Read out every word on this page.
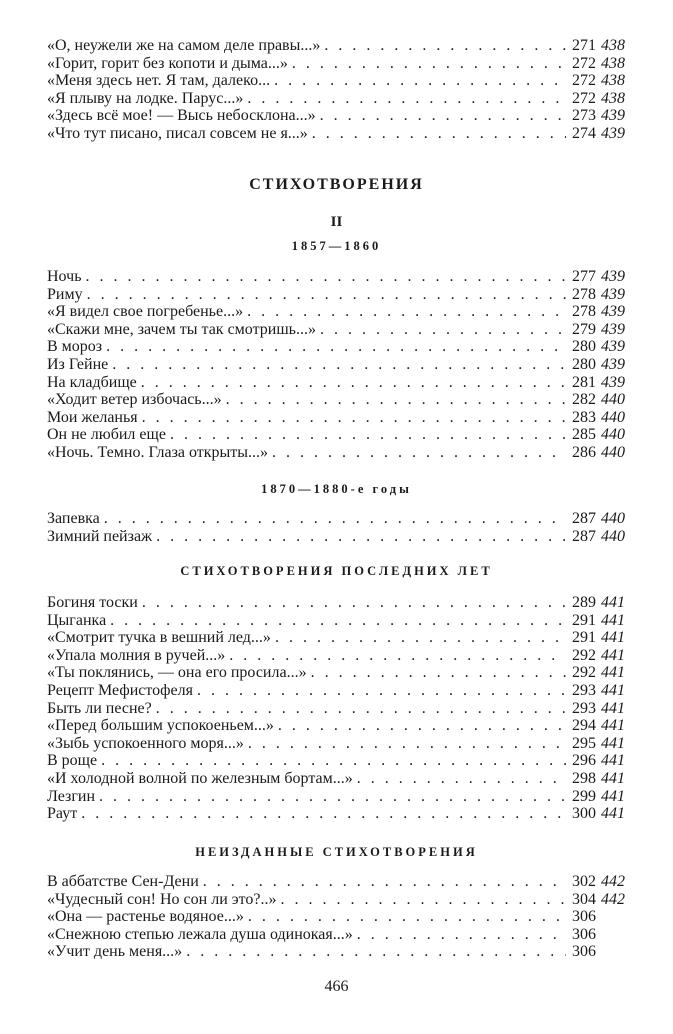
«О, неужели же на самом деле правы...» . . .	271 438
«Горит, горит без копоти и дыма...» . . .	272 438
«Меня здесь нет. Я там, далеко... . . .	272 438
«Я плыву на лодке. Парус...» . . .	272 438
«Здесь всё мое! — Высь небосклона...» . . .	273 439
«Что тут писано, писал совсем не я...» . . .	274 439
СТИХОТВОРЕНИЯ
II
1857—1860
Ночь . . .	277 439
Риму . . .	278 439
«Я видел свое погребенье...» . . .	278 439
«Скажи мне, зачем ты так смотришь...» . . .	279 439
В мороз . . .	280 439
Из Гейне . . .	280 439
На кладбище . . .	281 439
«Ходит ветер избочась...» . . .	282 440
Мои желанья . . .	283 440
Он не любил еще . . .	285 440
«Ночь. Темно. Глаза открыты...» . . .	286 440
1870—1880-е годы
Запевка . . .	287 440
Зимний пейзаж . . .	287 440
СТИХОТВОРЕНИЯ ПОСЛЕДНИХ ЛЕТ
Богиня тоски . . .	289 441
Цыганка . . .	291 441
«Смотрит тучка в вешний лед...» . . .	291 441
«Упала молния в ручей...» . . .	292 441
«Ты поклянись, — она его просила...» . . .	292 441
Рецепт Мефистофеля . . .	293 441
Быть ли песне? . . .	293 441
«Перед большим успокоеньем...» . . .	294 441
«Зыбь успокоенного моря...» . . .	295 441
В роще . . .	296 441
«И холодной волной по железным бортам...» . . .	298 441
Лезгин . . .	299 441
Раут . . .	300 441
НЕИЗДАННЫЕ СТИХОТВОРЕНИЯ
В аббатстве Сен-Дени . . .	302 442
«Чудесный сон! Но сон ли это?..» . . .	304 442
«Она — растенье водяное...» . . .	306
«Снежною степью лежала душа одинокая...» . . .	306
«Учит день меня...» . . .	306
466
